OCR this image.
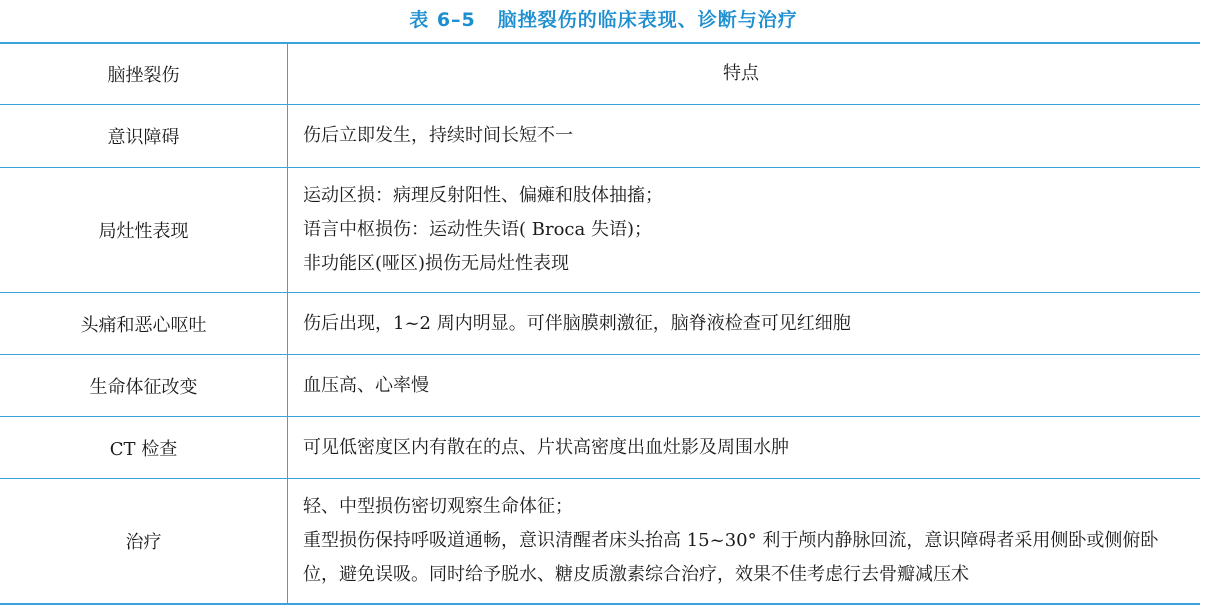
表 6–5 脑挫裂伤的临床表现、诊断与治疗
脑挫裂伤	特点
意识障碍	伤后立即发生，持续时间长短不一

局灶性表现	运动区损：病理反射阳性、偏瘫和肢体抽搐；
语言中枢损伤：运动性失语( Broca 失语)；
非功能区(哑区)损伤无局灶性表现

头痛和恶心呕吐	伤后出现，1~2 周内明显。可伴脑膜刺激征，脑脊液检查可见红细胞

生命体征改变	血压高、心率慢

CT 检查	可见低密度区内有散在的点、片状高密度出血灶影及周围水肿

治疗	轻、中型损伤密切观察生命体征；
重型损伤保持呼吸道通畅，意识清醒者床头抬高 15~30° 利于颅内静脉回流，意识障碍者采用侧卧或侧俯卧位，避免误吸。同时给予脱水、糖皮质激素综合治疗，效果不佳考虑行去骨瓣减压术
